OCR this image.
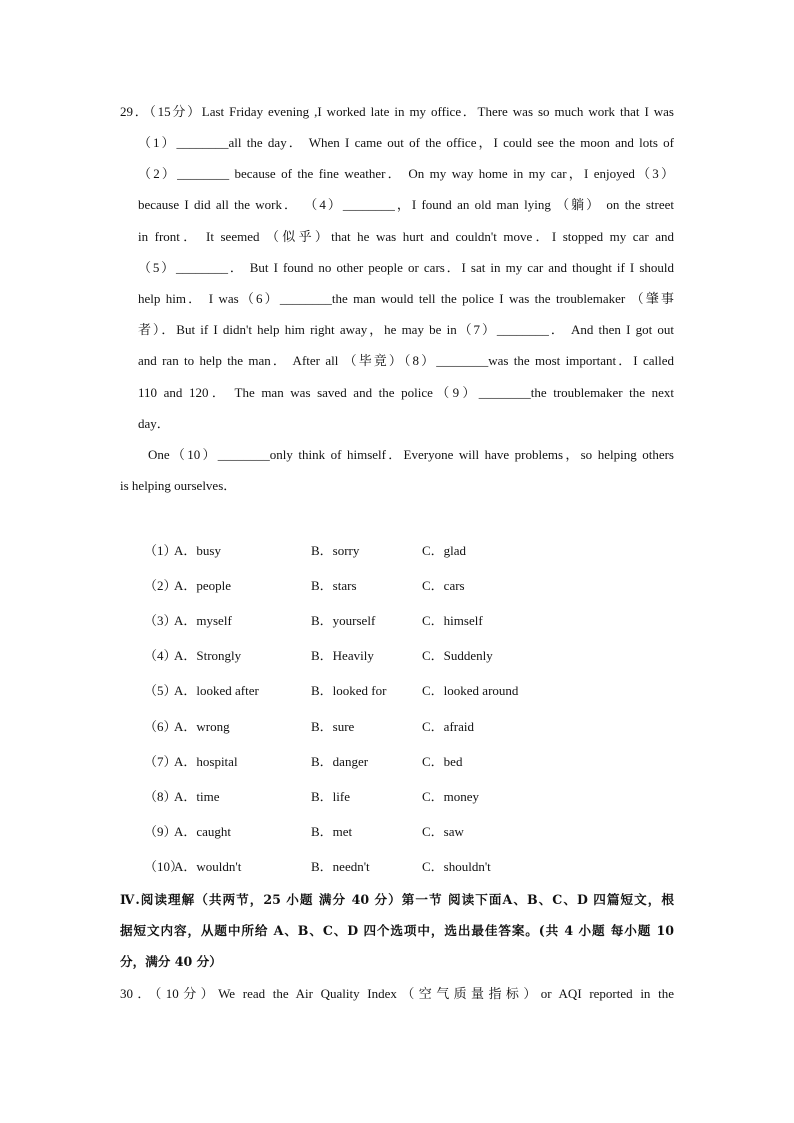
29．（15分）Last Friday evening ,I worked late in my office．There was so much work that I was
（1）________all the day． When I came out of the office，I could see the moon and lots of
（2）________ because of the fine weather． On my way home in my car，I enjoyed（3）
because I did all the work． （4）________，I found an old man lying （躺） on the street
in front． It seemed （似乎）that he was hurt and couldn't move．I stopped my car and
（5）________． But I found no other people or cars．I sat in my car and thought if I should
help him． I was（6）________the man would tell the police I was the troublemaker （肇事
者）．But if I didn't help him right away，he may be in（7）________． And then I got out
and ran to help the man． After all （毕竟）（8）________was the most important．I called
110 and 120． The man was saved and the police（9）________the troublemaker the next
day．
One（10）________only think of himself．Everyone will have problems，so helping others
is helping ourselves．
（1）
A．busy	B．sorry	C．glad
（2）
A．people	B．stars	C．cars
（3）
A．myself	B．yourself	C．himself
（4）
A．Strongly	B．Heavily	C．Suddenly
（5）
A．looked after	B．looked for	C．looked around
（6）
A．wrong	B．sure	C．afraid
（7）
A．hospital	B．danger	C．bed
（8）
A．time	B．life	C．money
（9）
A．caught	B．met	C．saw
（10）
A．wouldn't	B．needn't	C．shouldn't
Ⅳ.阅读理解（共两节，25 小题 满分 40 分）第一节 阅读下面A、B、C、D 四篇短文，根
据短文内容，从题中所给 A、B、C、D 四个选项中，选出最佳答案。(共 4 小题 每小题 10
分，满分 40 分）
30．（10分）We read the Air Quality Index（空气质量指标）or AQI reported in the
